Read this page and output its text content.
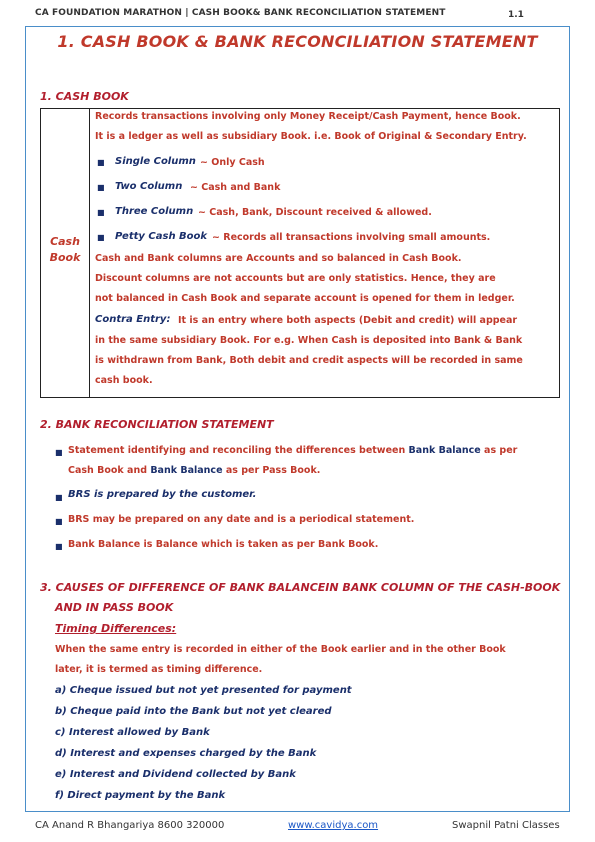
CA FOUNDATION MARATHON | CASH BOOK& BANK RECONCILIATION STATEMENT	1.1
1. CASH BOOK & BANK RECONCILIATION STATEMENT
1. CASH BOOK
Cash
Book
Records transactions involving only Money Receipt/Cash Payment, hence Book.
It is a ledger as well as subsidiary Book. i.e. Book of Original & Secondary Entry.
■ Single Column ~ Only Cash
■ Two Column ~ Cash and Bank
■ Three Column ~ Cash, Bank, Discount received & allowed.
■ Petty Cash Book ~ Records all transactions involving small amounts.
Cash and Bank columns are Accounts and so balanced in Cash Book.
Discount columns are not accounts but are only statistics. Hence, they are
not balanced in Cash Book and separate account is opened for them in ledger.
Contra Entry: It is an entry where both aspects (Debit and credit) will appear
in the same subsidiary Book. For e.g. When Cash is deposited into Bank & Bank
is withdrawn from Bank, Both debit and credit aspects will be recorded in same
cash book.
2. BANK RECONCILIATION STATEMENT
■ Statement identifying and reconciling the differences between Bank Balance as per
Cash Book and Bank Balance as per Pass Book.
■ BRS is prepared by the customer.
■ BRS may be prepared on any date and is a periodical statement.
■ Bank Balance is Balance which is taken as per Bank Book.
3. CAUSES OF DIFFERENCE OF BANK BALANCEIN BANK COLUMN OF THE CASH-BOOK
AND IN PASS BOOK
Timing Differences:
When the same entry is recorded in either of the Book earlier and in the other Book
later, it is termed as timing difference.
a) Cheque issued but not yet presented for payment
b) Cheque paid into the Bank but not yet cleared
c) Interest allowed by Bank
d) Interest and expenses charged by the Bank
e) Interest and Dividend collected by Bank
f) Direct payment by the Bank
CA Anand R Bhangariya 8600 320000	www.cavidya.com	Swapnil Patni Classes
